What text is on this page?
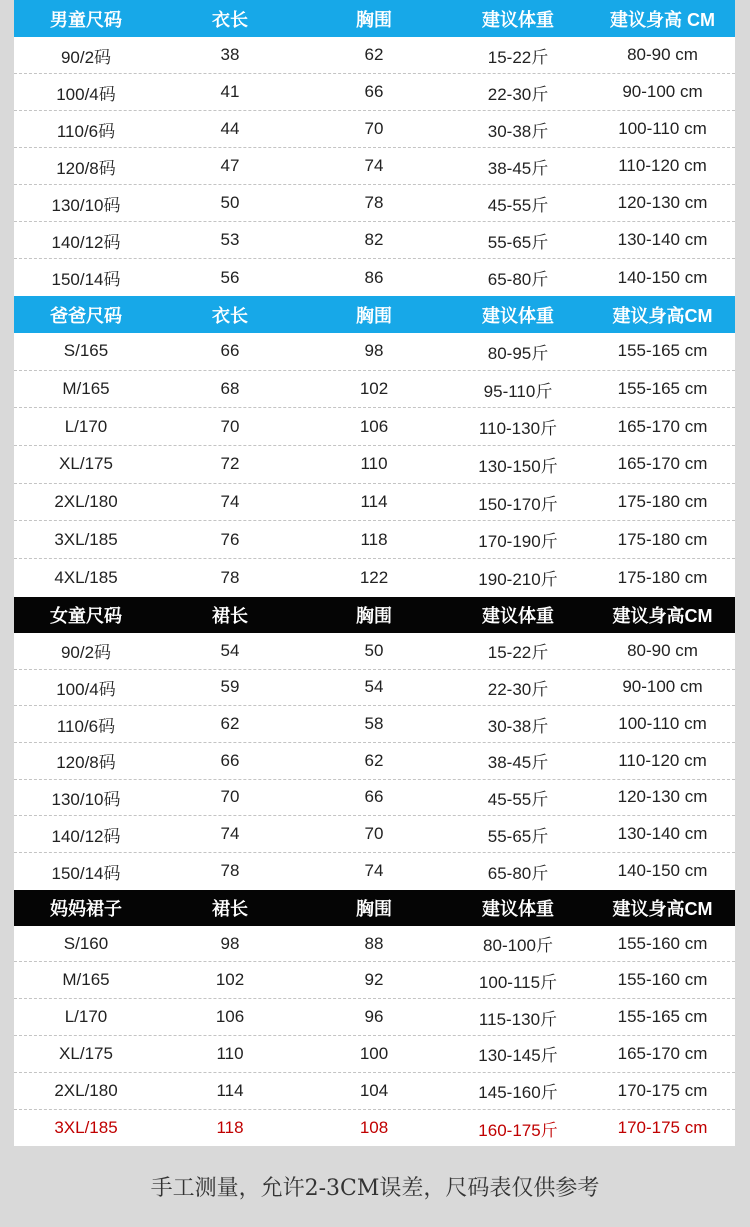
男童尺码	衣长	胸围	建议体重	建议身高 CM
90/2码	38	62	15-22斤	80-90 cm
100/4码	41	66	22-30斤	90-100 cm
110/6码	44	70	30-38斤	100-110 cm
120/8码	47	74	38-45斤	110-120 cm
130/10码	50	78	45-55斤	120-130 cm
140/12码	53	82	55-65斤	130-140 cm
150/14码	56	86	65-80斤	140-150 cm
爸爸尺码	衣长	胸围	建议体重	建议身高CM
S/165	66	98	80-95斤	155-165 cm
M/165	68	102	95-110斤	155-165 cm
L/170	70	106	110-130斤	165-170 cm
XL/175	72	110	130-150斤	165-170 cm
2XL/180	74	114	150-170斤	175-180 cm
3XL/185	76	118	170-190斤	175-180 cm
4XL/185	78	122	190-210斤	175-180 cm
女童尺码	裙长	胸围	建议体重	建议身高CM
90/2码	54	50	15-22斤	80-90 cm
100/4码	59	54	22-30斤	90-100 cm
110/6码	62	58	30-38斤	100-110 cm
120/8码	66	62	38-45斤	110-120 cm
130/10码	70	66	45-55斤	120-130 cm
140/12码	74	70	55-65斤	130-140 cm
150/14码	78	74	65-80斤	140-150 cm
妈妈裙子	裙长	胸围	建议体重	建议身高CM
S/160	98	88	80-100斤	155-160 cm
M/165	102	92	100-115斤	155-160 cm
L/170	106	96	115-130斤	155-165 cm
XL/175	110	100	130-145斤	165-170 cm
2XL/180	114	104	145-160斤	170-175 cm
3XL/185	118	108	160-175斤	170-175 cm
手工测量，允许2-3CM误差，尺码表仅供参考
